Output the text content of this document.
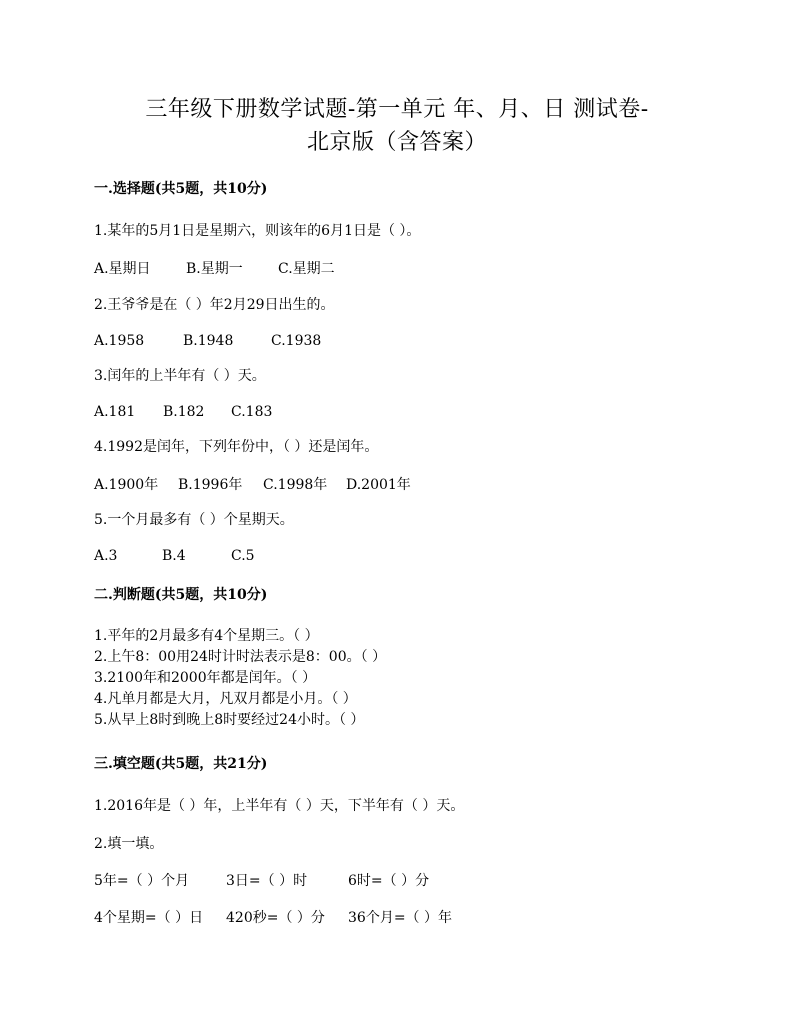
三年级下册数学试题-第一单元 年、月、日 测试卷-
北京版（含答案）
一.选择题(共5题，共10分)
1.某年的5月1日是星期六，则该年的6月1日是（ ）。
A.星期日	B.星期一	C.星期二
2.王爷爷是在（ ）年2月29日出生的。
A.1958	B.1948	C.1938
3.闰年的上半年有（ ）天。
A.181 B.182 C.183
4.1992是闰年，下列年份中，（ ）还是闰年。
A.1900年 B.1996年 C.1998年 D.2001年
5.一个月最多有（ ）个星期天。
A.3	B.4	C.5
二.判断题(共5题，共10分)
1.平年的2月最多有4个星期三。（ ）
2.上午8：00用24时计时法表示是8：00。（ ）
3.2100年和2000年都是闰年。（ ）
4.凡单月都是大月，凡双月都是小月。（ ）
5.从早上8时到晚上8时要经过24小时。（ ）
三.填空题(共5题，共21分)
1.2016年是（ ）年，上半年有（ ）天，下半年有（ ）天。
2.填一填。
5年=（ ）个月	3日=（ ）时	6时=（ ）分
4个星期=（ ）日 420秒=（ ）分 36个月=（ ）年
